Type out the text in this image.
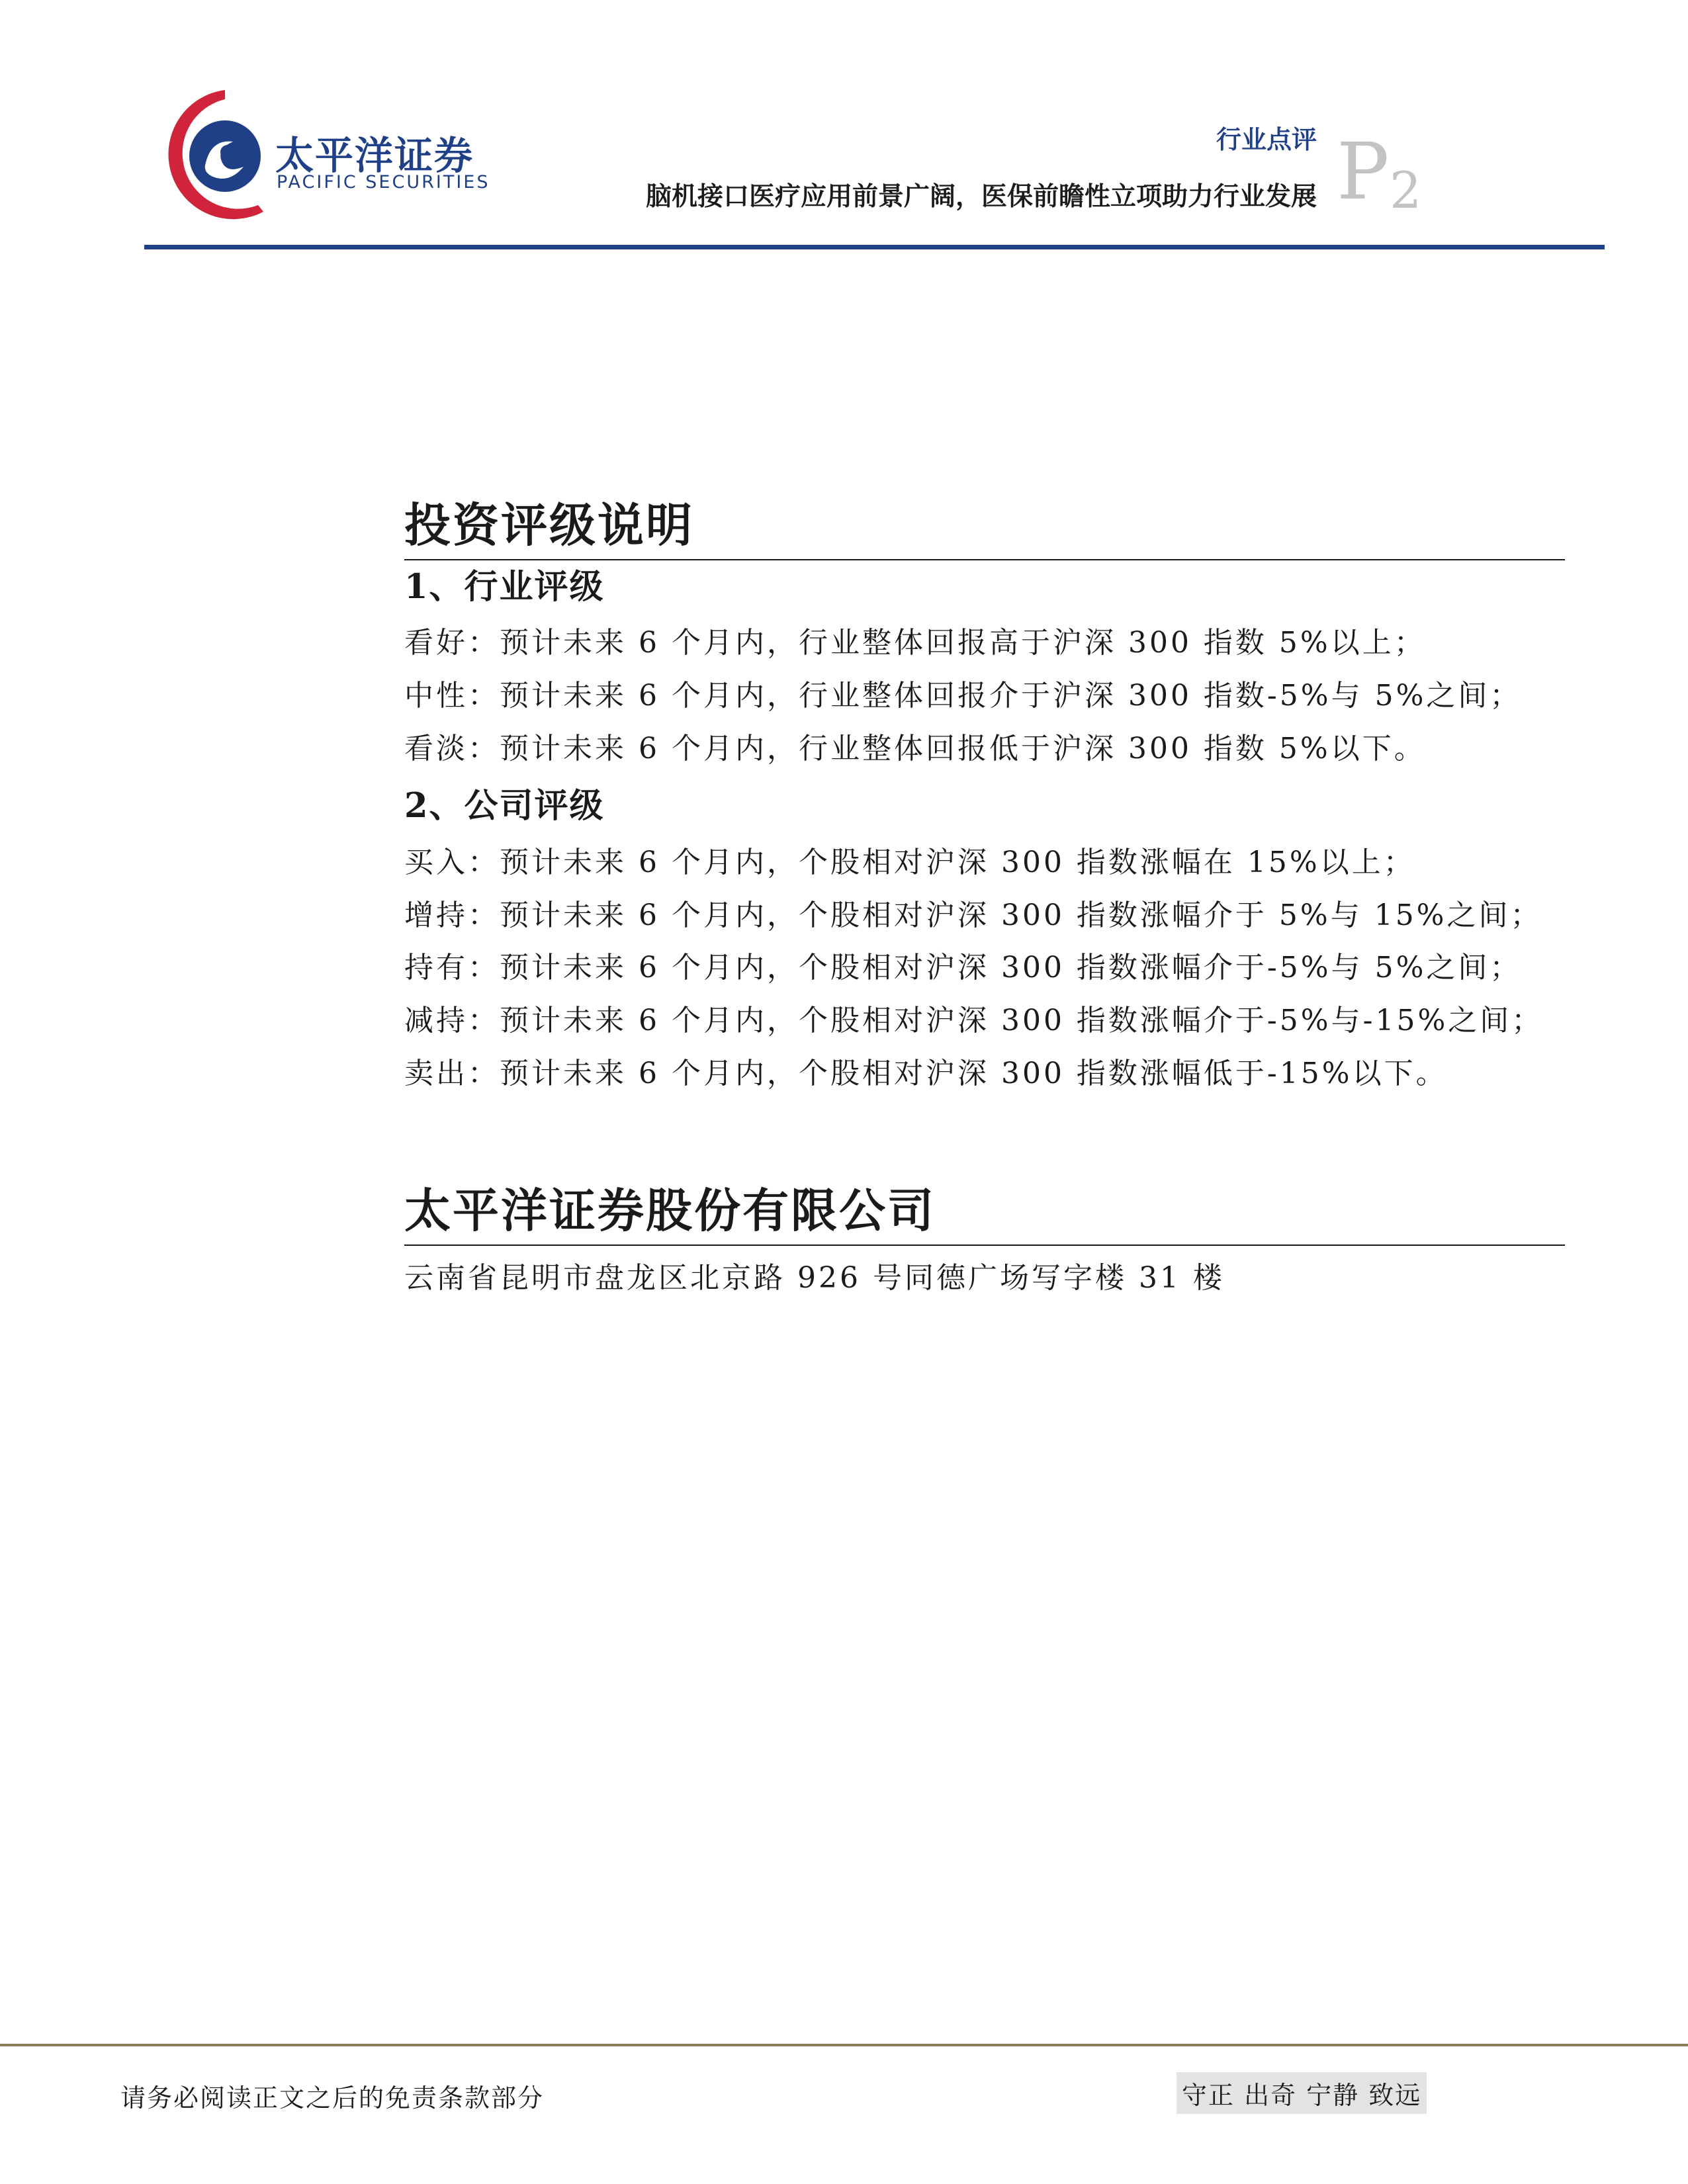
太平洋证券
PACIFIC SECURITIES
行业点评
脑机接口医疗应用前景广阔，医保前瞻性立项助力行业发展 P 2
投资评级说明
1、行业评级
看好：预计未来 6 个月内，行业整体回报高于沪深 300 指数 5%以上；
中性：预计未来 6 个月内，行业整体回报介于沪深 300 指数-5%与 5%之间；
看淡：预计未来 6 个月内，行业整体回报低于沪深 300 指数 5%以下。
2、公司评级
买入：预计未来 6 个月内，个股相对沪深 300 指数涨幅在 15%以上；
增持：预计未来 6 个月内，个股相对沪深 300 指数涨幅介于 5%与 15%之间；
持有：预计未来 6 个月内，个股相对沪深 300 指数涨幅介于-5%与 5%之间；
减持：预计未来 6 个月内，个股相对沪深 300 指数涨幅介于-5%与-15%之间；
卖出：预计未来 6 个月内，个股相对沪深 300 指数涨幅低于-15%以下。
太平洋证券股份有限公司
云南省昆明市盘龙区北京路 926 号同德广场写字楼 31 楼
请务必阅读正文之后的免责条款部分	守正 出奇 宁静 致远
